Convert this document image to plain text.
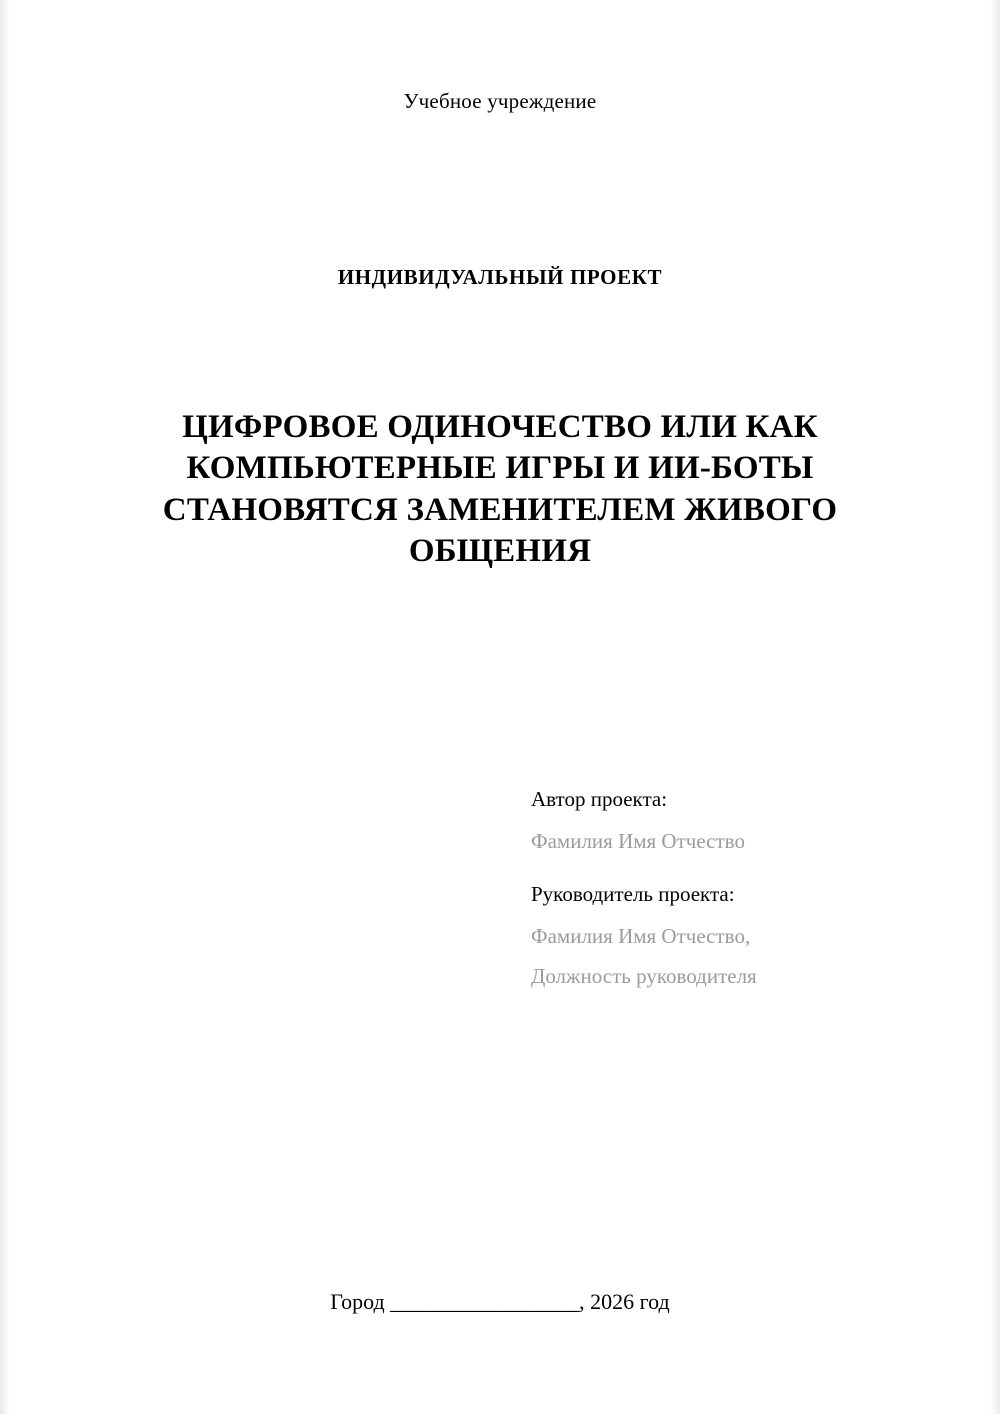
Учебное учреждение
ИНДИВИДУАЛЬНЫЙ ПРОЕКТ
ЦИФРОВОЕ ОДИНОЧЕСТВО ИЛИ КАК КОМПЬЮТЕРНЫЕ ИГРЫ И ИИ-БОТЫ СТАНОВЯТСЯ ЗАМЕНИТЕЛЕМ ЖИВОГО ОБЩЕНИЯ
Автор проекта:
Фамилия Имя Отчество
Руководитель проекта:
Фамилия Имя Отчество,
Должность руководителя
Город __________________, 2026 год
